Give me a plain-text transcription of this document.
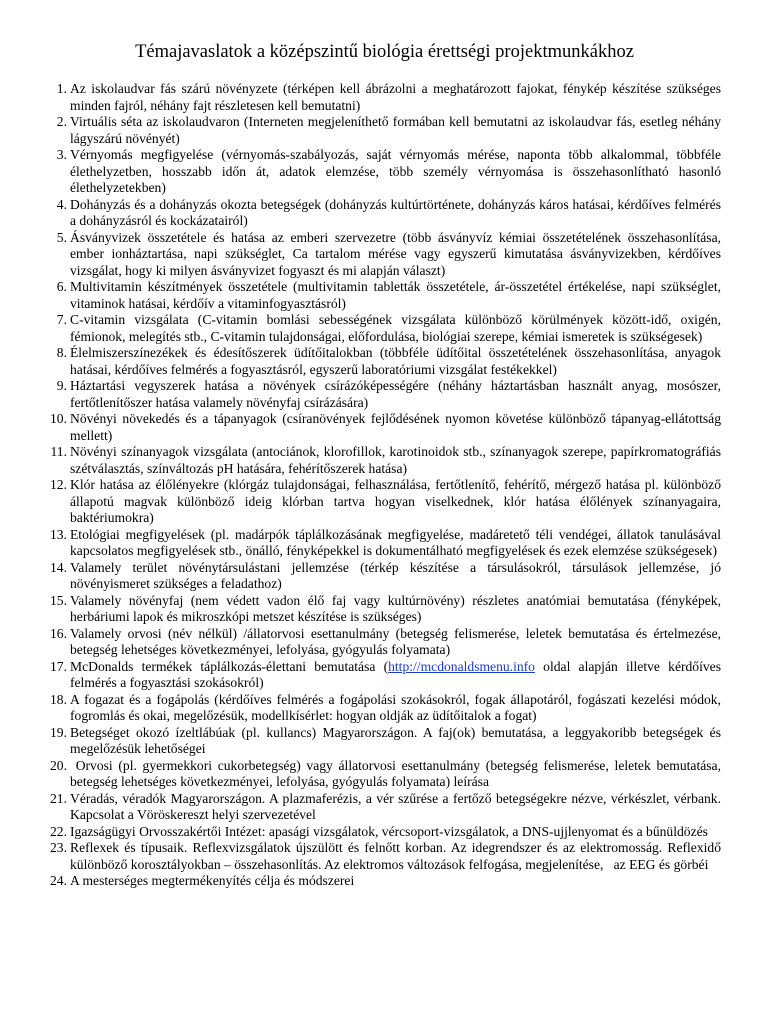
Témajavaslatok a középszintű biológia érettségi projektmunkákhoz
1. Az iskolaudvar fás szárú növényzete (térképen kell ábrázolni a meghatározott fajokat, fénykép készítése szükséges minden fajról, néhány fajt részletesen kell bemutatni)

2. Virtuális séta az iskolaudvaron (Interneten megjeleníthető formában kell bemutatni az iskolaudvar fás, esetleg néhány lágyszárú növényét)

3. Vérnyomás megfigyelése (vérnyomás-szabályozás, saját vérnyomás mérése, naponta több alkalommal, többféle élethelyzetben, hosszabb időn át, adatok elemzése, több személy vérnyomása is összehasonlítható hasonló élethelyzetekben)

4. Dohányzás és a dohányzás okozta betegségek (dohányzás kultúrtörténete, dohányzás káros hatásai, kérdőíves felmérés a dohányzásról és kockázatairól)

5. Ásványvizek összetétele és hatása az emberi szervezetre (több ásványvíz kémiai összetételének összehasonlítása, ember ionháztartása, napi szükséglet, Ca tartalom mérése vagy egyszerű kimutatása ásványvizekben, kérdőíves vizsgálat, hogy ki milyen ásványvizet fogyaszt és mi alapján választ)

6. Multivitamin készítmények összetétele (multivitamin tabletták összetétele, ár-összetétel értékelése, napi szükséglet, vitaminok hatásai, kérdőív a vitaminfogyasztásról)

7. C-vitamin vizsgálata (C-vitamin bomlási sebességének vizsgálata különböző körülmények között-idő, oxigén, fémionok, melegítés stb., C-vitamin tulajdonságai, előfordulása, biológiai szerepe, kémiai ismeretek is szükségesek)

8. Élelmiszerszínezékek és édesítőszerek üdítőitalokban (többféle üdítőital összetételének összehasonlítása, anyagok hatásai, kérdőíves felmérés a fogyasztásról, egyszerű laboratóriumi vizsgálat festékekkel)

9. Háztartási vegyszerek hatása a növények csírázóképességére (néhány háztartásban használt anyag, mosószer, fertőtlenítőszer hatása valamely növényfaj csírázására)

10. Növényi növekedés és a tápanyagok (csíranövények fejlődésének nyomon követése különböző tápanyag-ellátottság mellett)

11. Növényi színanyagok vizsgálata (antociánok, klorofillok, karotinoidok stb., színanyagok szerepe, papírkromatográfiás szétválasztás, színváltozás pH hatására, fehérítőszerek hatása)

12. Klór hatása az élőlényekre (klórgáz tulajdonságai, felhasználása, fertőtlenítő, fehérítő, mérgező hatása pl. különböző állapotú magvak különböző ideig klórban tartva hogyan viselkednek, klór hatása élőlények színanyagaira, baktériumokra)

13. Etológiai megfigyelések (pl. madárpók táplálkozásának megfigyelése, madáretető téli vendégei, állatok tanulásával kapcsolatos megfigyelések stb., önálló, fényképekkel is dokumentálható megfigyelések és ezek elemzése szükségesek)

14. Valamely terület növénytársulástani jellemzése (térkép készítése a társulásokról, társulások jellemzése, jó növényismeret szükséges a feladathoz)

15. Valamely növényfaj (nem védett vadon élő faj vagy kultúrnövény) részletes anatómiai bemutatása (fényképek, herbáriumi lapok és mikroszkópi metszet készítése is szükséges)

16. Valamely orvosi (név nélkül) /állatorvosi esettanulmány (betegség felismerése, leletek bemutatása és értelmezése, betegség lehetséges következményei, lefolyása, gyógyulás folyamata)

17. McDonalds termékek táplálkozás-élettani bemutatása (http://mcdonaldsmenu.info oldal alapján illetve kérdőíves felmérés a fogyasztási szokásokról)

18. A fogazat és a fogápolás (kérdőíves felmérés a fogápolási szokásokról, fogak állapotáról, fogászati kezelési módok, fogromlás és okai, megelőzésük, modellkísérlet: hogyan oldják az üdítőitalok a fogat)

19. Betegséget okozó ízeltlábúak (pl. kullancs) Magyarországon. A faj(ok) bemutatása, a leggyakoribb betegségek és megelőzésük lehetőségei

20. Orvosi (pl. gyermekkori cukorbetegség) vagy állatorvosi esettanulmány (betegség felismerése, leletek bemutatása, betegség lehetséges következményei, lefolyása, gyógyulás folyamata) leírása

21. Véradás, véradók Magyarországon. A plazmaferézis, a vér szűrése a fertőző betegségekre nézve, vérkészlet, vérbank. Kapcsolat a Vöröskereszt helyi szervezetével

22. Igazságügyi Orvosszakértői Intézet: apasági vizsgálatok, vércsoport-vizsgálatok, a DNS-ujjlenyomat és a bűnüldözés

23. Reflexek és típusaik. Reflexvizsgálatok újszülött és felnőtt korban. Az idegrendszer és az elektromosság. Reflexidő különböző korosztályokban – összehasonlítás. Az elektromos változások felfogása, megjelenítése,   az EEG és görbéi

24. A mesterséges megtermékenyítés célja és módszerei
